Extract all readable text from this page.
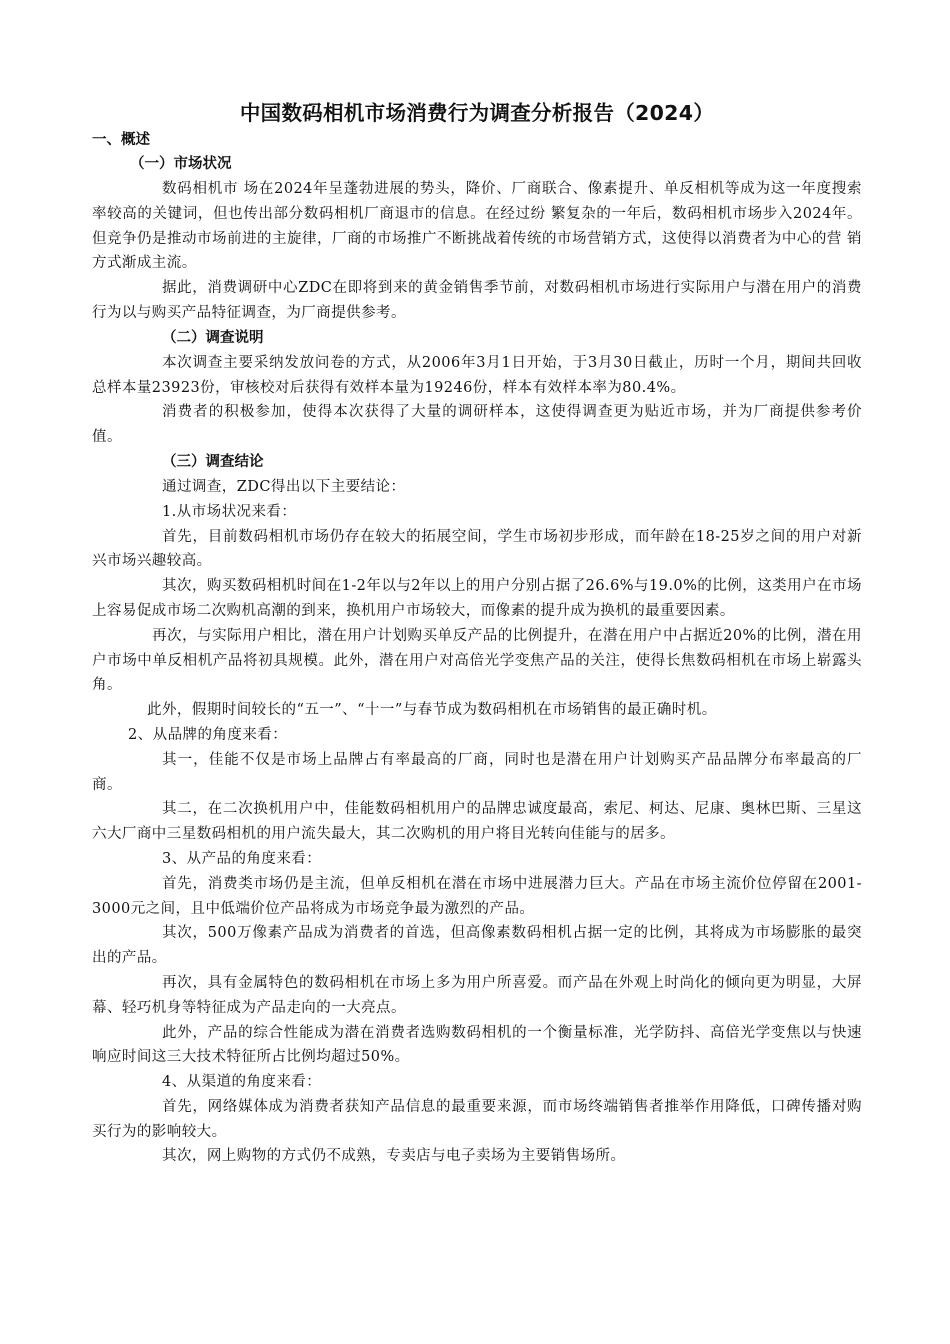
中国数码相机市场消费行为调查分析报告（2024）
一、概述
（一）市场状况

数码相机市 场在2024年呈蓬勃进展的势头，降价、厂商联合、像素提升、单反相机等成为这一年度搜索率较高的关键词，但也传出部分数码相机厂商退市的信息。在经过纷 繁复杂的一年后，数码相机市场步入2024年。但竞争仍是推动市场前进的主旋律，厂商的市场推广不断挑战着传统的市场营销方式，这使得以消费者为中心的营 销方式渐成主流。

据此，消费调研中心ZDC在即将到来的黄金销售季节前，对数码相机市场进行实际用户与潜在用户的消费行为以与购买产品特征调查，为厂商提供参考。

（二）调查说明

本次调查主要采纳发放问卷的方式，从2006年3月1日开始，于3月30日截止，历时一个月，期间共回收总样本量23923份，审核校对后获得有效样本量为19246份，样本有效样本率为80.4%。

消费者的积极参加，使得本次获得了大量的调研样本，这使得调查更为贴近市场，并为厂商提供参考价值。

（三）调查结论

通过调查，ZDC得出以下主要结论：

1.从市场状况来看：

首先，目前数码相机市场仍存在较大的拓展空间，学生市场初步形成，而年龄在18-25岁之间的用户对新兴市场兴趣较高。

其次，购买数码相机时间在1-2年以与2年以上的用户分别占据了26.6%与19.0%的比例，这类用户在市场上容易促成市场二次购机高潮的到来，换机用户市场较大，而像素的提升成为换机的最重要因素。

再次，与实际用户相比，潜在用户计划购买单反产品的比例提升，在潜在用户中占据近20%的比例，潜在用户市场中单反相机产品将初具规模。此外，潜在用户对高倍光学变焦产品的关注，使得长焦数码相机在市场上崭露头角。

此外，假期时间较长的“五一”、“十一”与春节成为数码相机在市场销售的最正确时机。

2、从品牌的角度来看：

其一，佳能不仅是市场上品牌占有率最高的厂商，同时也是潜在用户计划购买产品品牌分布率最高的厂商。

其二，在二次换机用户中，佳能数码相机用户的品牌忠诚度最高，索尼、柯达、尼康、奥林巴斯、三星这六大厂商中三星数码相机的用户流失最大，其二次购机的用户将目光转向佳能与的居多。

3、从产品的角度来看：

首先，消费类市场仍是主流，但单反相机在潜在市场中进展潜力巨大。产品在市场主流价位停留在2001-3000元之间，且中低端价位产品将成为市场竞争最为激烈的产品。

其次，500万像素产品成为消费者的首选，但高像素数码相机占据一定的比例，其将成为市场膨胀的最突出的产品。

再次，具有金属特色的数码相机在市场上多为用户所喜爱。而产品在外观上时尚化的倾向更为明显，大屏幕、轻巧机身等特征成为产品走向的一大亮点。

此外，产品的综合性能成为潜在消费者选购数码相机的一个衡量标准，光学防抖、高倍光学变焦以与快速响应时间这三大技术特征所占比例均超过50%。

4、从渠道的角度来看：

首先，网络媒体成为消费者获知产品信息的最重要来源，而市场终端销售者推举作用降低，口碑传播对购买行为的影响较大。

其次，网上购物的方式仍不成熟，专卖店与电子卖场为主要销售场所。
